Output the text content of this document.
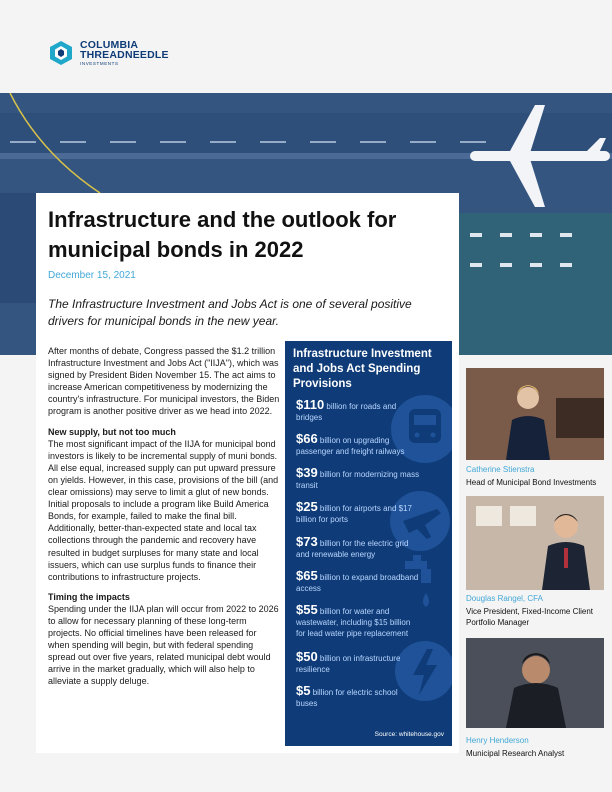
COLUMBIA
THREADNEEDLE
INVESTMENTS
Infrastructure and the outlook for municipal bonds in 2022
December 15, 2021
The Infrastructure Investment and Jobs Act is one of several positive drivers for municipal bonds in the new year.

After months of debate, Congress passed the $1.2 trillion Infrastructure Investment and Jobs Act ("IIJA"), which was signed by President Biden November 15. The act aims to increase American competitiveness by modernizing the country's infrastructure. For municipal investors, the Biden program is another positive driver as we head into 2022.

New supply, but not too much

The most significant impact of the IIJA for municipal bond investors is likely to be incremental supply of muni bonds. All else equal, increased supply can put upward pressure on yields. However, in this case, provisions of the bill (and clear omissions) may serve to limit a glut of new bonds. Initial proposals to include a program like Build America Bonds, for example, failed to make the final bill. Additionally, better-than-expected state and local tax collections through the pandemic and recovery have resulted in budget surpluses for many state and local issuers, which can use surplus funds to finance their contributions to infrastructure projects.

Timing the impacts

Spending under the IIJA plan will occur from 2022 to 2026 to allow for necessary planning of these long-term projects. No official timelines have been released for when spending will begin, but with federal spending spread out over five years, related municipal debt would arrive in the market gradually, which will also help to alleviate a supply deluge.

Infrastructure Investment and Jobs Act Spending Provisions
$110 billion for roads and bridges
$66 billion on upgrading passenger and freight railways
$39 billion for modernizing mass transit
$25 billion for airports and $17 billion for ports
$73 billion for the electric grid and renewable energy
$65 billion to expand broadband access
$55 billion for water and wastewater, including $15 billion for lead water pipe replacement
$50 billion on infrastructure resilience
$5 billion for electric school buses
Source: whitehouse.gov
Catherine Stienstra
Head of Municipal Bond Investments
Douglas Rangel, CFA
Vice President, Fixed-Income Client Portfolio Manager
Henry Henderson
Municipal Research Analyst
